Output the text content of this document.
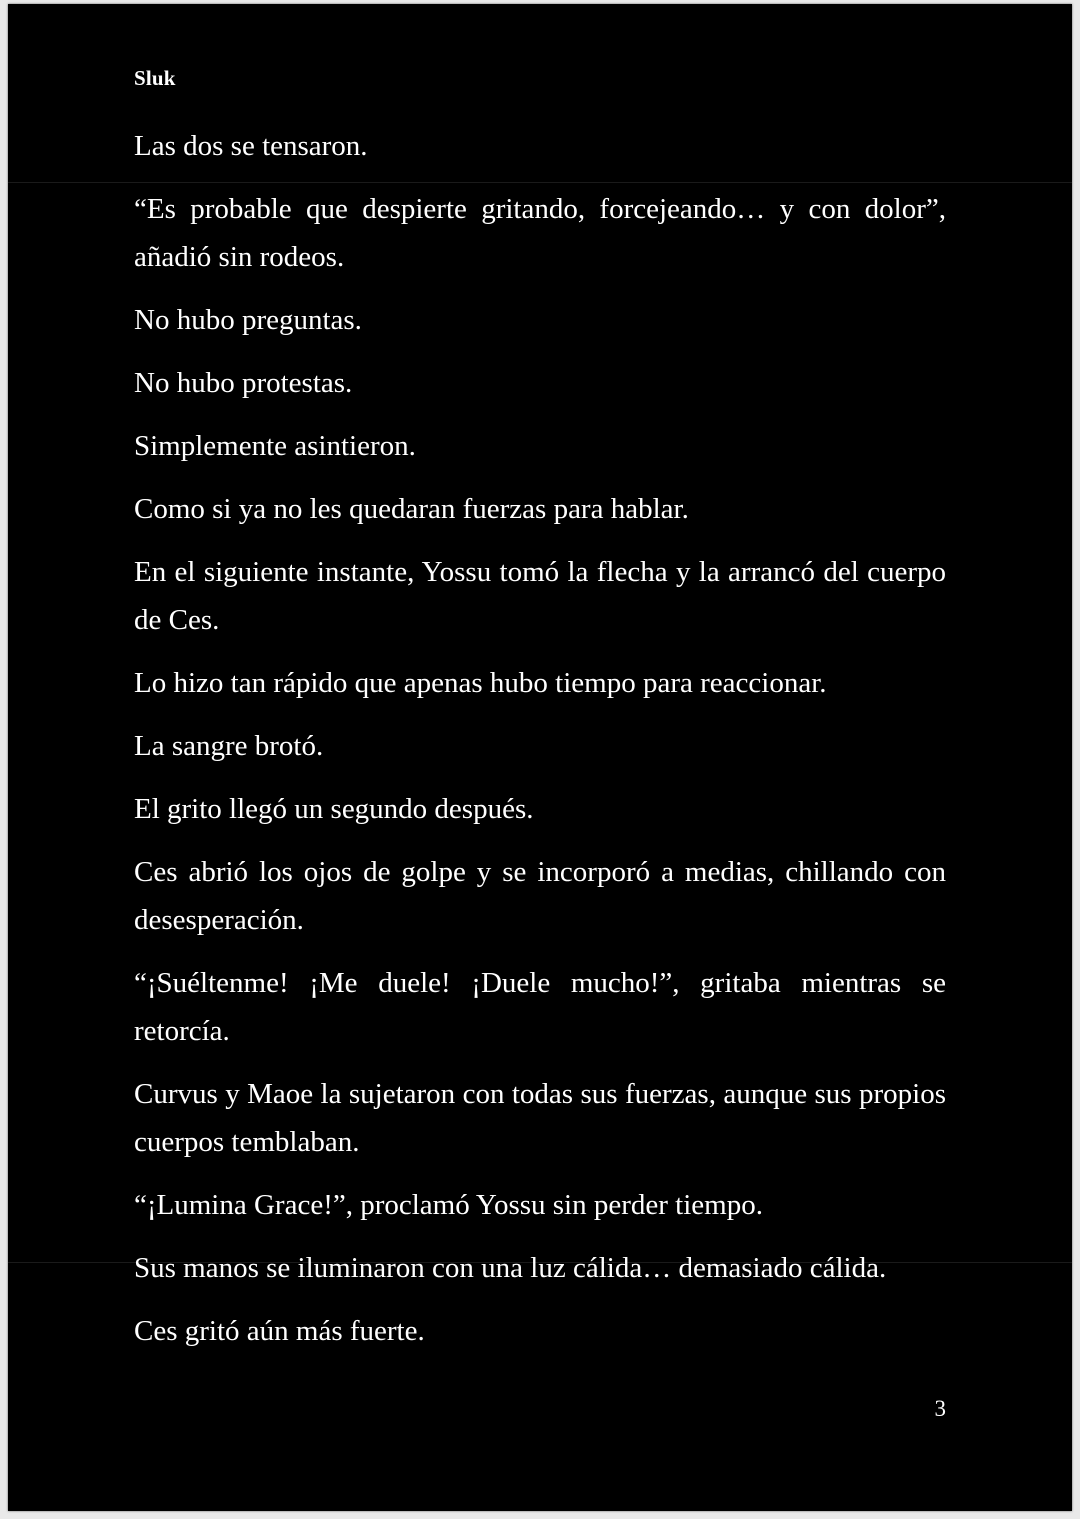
Sluk

Las dos se tensaron.

“Es probable que despierte gritando, forcejeando… y con dolor”, añadió sin rodeos.

No hubo preguntas.

No hubo protestas.

Simplemente asintieron.

Como si ya no les quedaran fuerzas para hablar.

En el siguiente instante, Yossu tomó la flecha y la arrancó del cuerpo de Ces.

Lo hizo tan rápido que apenas hubo tiempo para reaccionar.

La sangre brotó.

El grito llegó un segundo después.

Ces abrió los ojos de golpe y se incorporó a medias, chillando con desesperación.

“¡Suéltenme! ¡Me duele! ¡Duele mucho!”, gritaba mientras se retorcía.

Curvus y Maoe la sujetaron con todas sus fuerzas, aunque sus propios cuerpos temblaban.

“¡Lumina Grace!”, proclamó Yossu sin perder tiempo.

Sus manos se iluminaron con una luz cálida… demasiado cálida.

Ces gritó aún más fuerte.

3
